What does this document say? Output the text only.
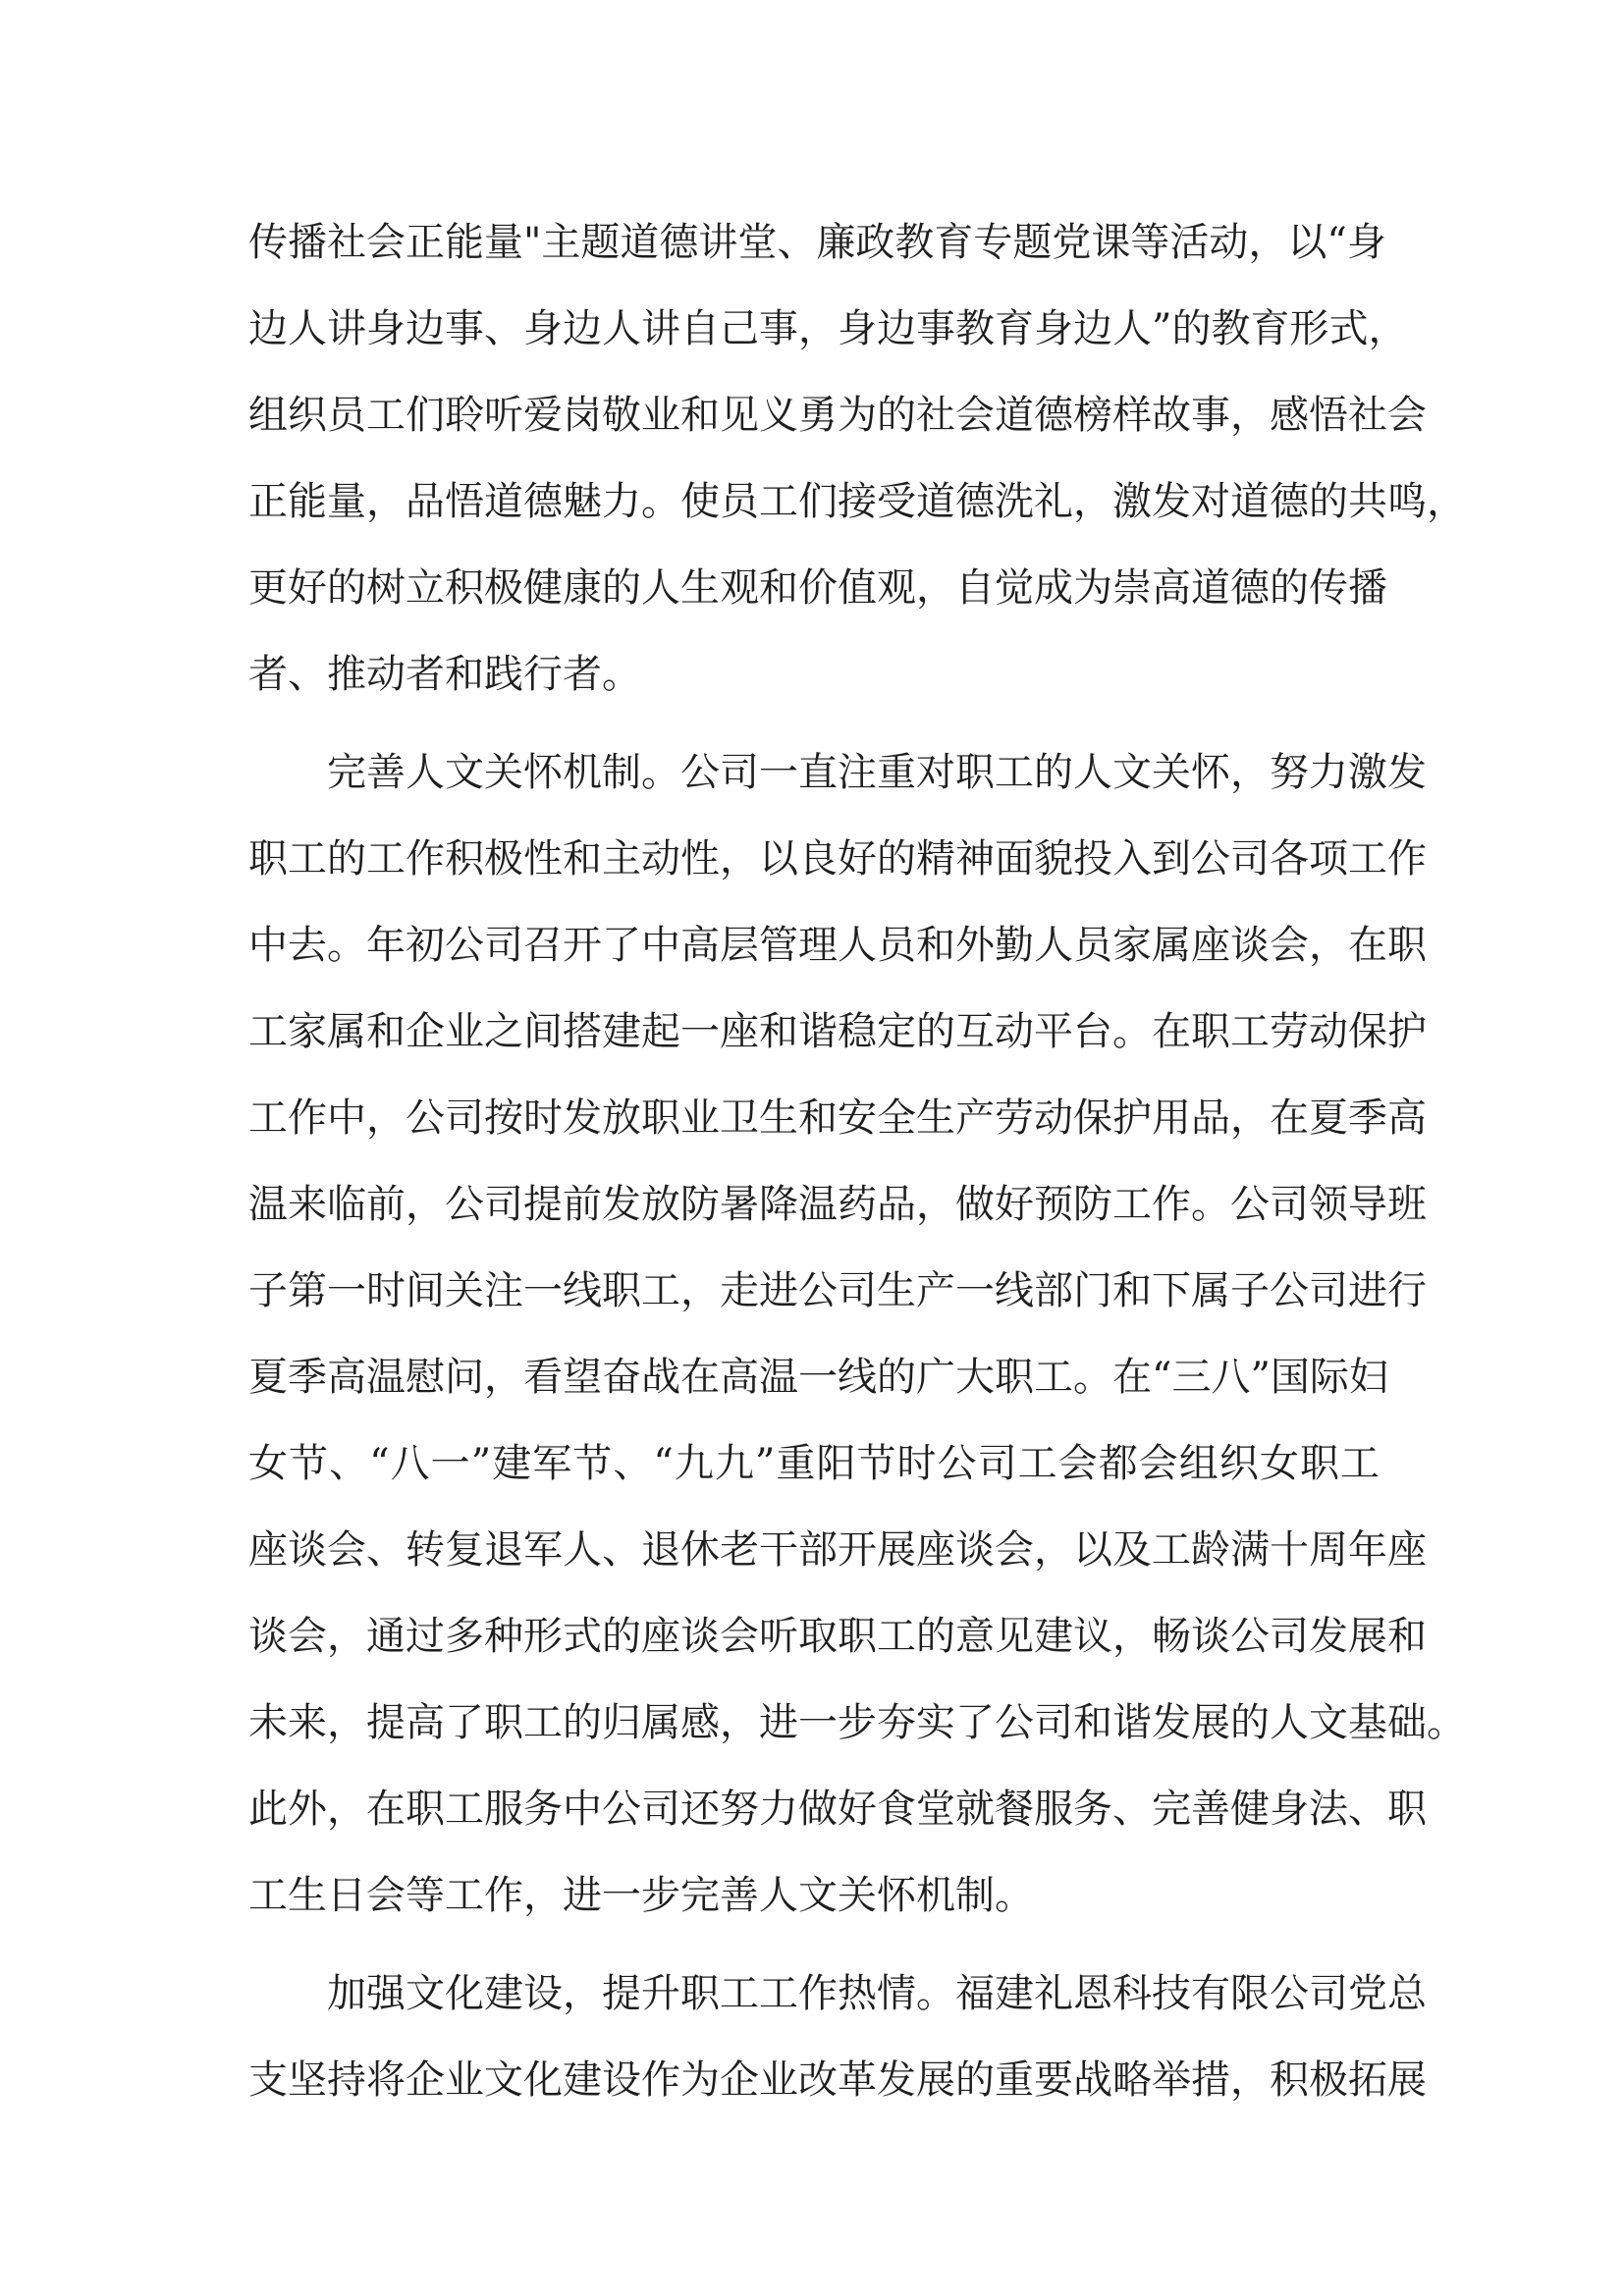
传播社会正能量"主题道德讲堂、廉政教育专题党课等活动，以“身
边人讲身边事、身边人讲自己事，身边事教育身边人”的教育形式，
组织员工们聆听爱岗敬业和见义勇为的社会道德榜样故事，感悟社会
正能量，品悟道德魅力。使员工们接受道德洗礼，激发对道德的共鸣，
更好的树立积极健康的人生观和价值观，自觉成为崇高道德的传播
者、推动者和践行者。
完善人文关怀机制。公司一直注重对职工的人文关怀，努力激发
职工的工作积极性和主动性，以良好的精神面貌投入到公司各项工作
中去。年初公司召开了中高层管理人员和外勤人员家属座谈会，在职
工家属和企业之间搭建起一座和谐稳定的互动平台。在职工劳动保护
工作中，公司按时发放职业卫生和安全生产劳动保护用品，在夏季高
温来临前，公司提前发放防暑降温药品，做好预防工作。公司领导班
子第一时间关注一线职工，走进公司生产一线部门和下属子公司进行
夏季高温慰问，看望奋战在高温一线的广大职工。在“三八”国际妇
女节、“八一”建军节、“九九”重阳节时公司工会都会组织女职工
座谈会、转复退军人、退休老干部开展座谈会，以及工龄满十周年座
谈会，通过多种形式的座谈会听取职工的意见建议，畅谈公司发展和
未来，提高了职工的归属感，进一步夯实了公司和谐发展的人文基础。
此外，在职工服务中公司还努力做好食堂就餐服务、完善健身法、职
工生日会等工作，进一步完善人文关怀机制。
加强文化建设，提升职工工作热情。福建礼恩科技有限公司党总
支坚持将企业文化建设作为企业改革发展的重要战略举措，积极拓展
